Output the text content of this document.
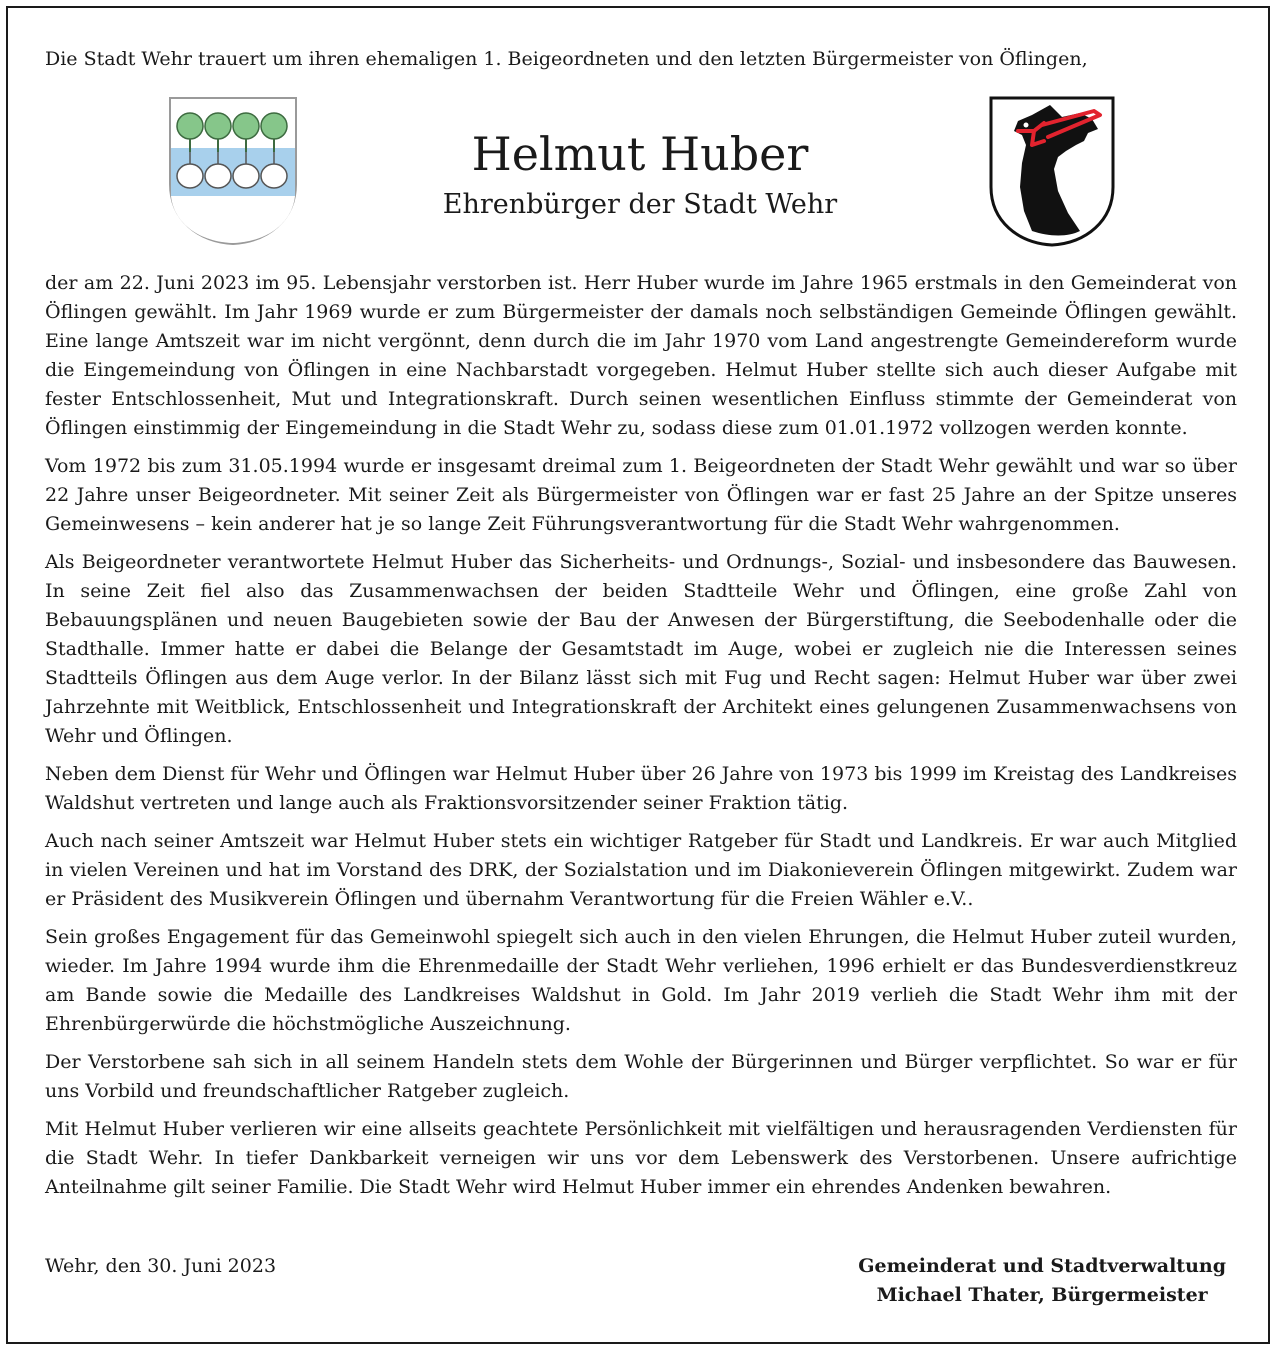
Die Stadt Wehr trauert um ihren ehemaligen 1. Beigeordneten und den letzten Bürgermeister von Öflingen,

Helmut Huber

Ehrenbürger der Stadt Wehr

der am 22. Juni 2023 im 95. Lebensjahr verstorben ist. Herr Huber wurde im Jahre 1965 erstmals in den Gemeinderat von Öflingen gewählt. Im Jahr 1969 wurde er zum Bürgermeister der damals noch selbständigen Gemeinde Öflingen gewählt. Eine lange Amtszeit war im nicht vergönnt, denn durch die im Jahr 1970 vom Land angestrengte Gemeindereform wurde die Eingemeindung von Öflingen in eine Nachbarstadt vorgegeben. Helmut Huber stellte sich auch dieser Aufgabe mit fester Entschlossenheit, Mut und Integrationskraft. Durch seinen wesentlichen Einfluss stimmte der Gemeinderat von Öflingen einstimmig der Eingemeindung in die Stadt Wehr zu, sodass diese zum 01.01.1972 vollzogen werden konnte.

Vom 1972 bis zum 31.05.1994 wurde er insgesamt dreimal zum 1. Beigeordneten der Stadt Wehr gewählt und war so über 22 Jahre unser Beigeordneter. Mit seiner Zeit als Bürgermeister von Öflingen war er fast 25 Jahre an der Spitze unseres Gemeinwesens – kein anderer hat je so lange Zeit Führungsverantwortung für die Stadt Wehr wahrgenommen.

Als Beigeordneter verantwortete Helmut Huber das Sicherheits- und Ordnungs-, Sozial- und insbesondere das Bauwesen. In seine Zeit fiel also das Zusammenwachsen der beiden Stadtteile Wehr und Öflingen, eine große Zahl von Bebauungsplänen und neuen Baugebieten sowie der Bau der Anwesen der Bürgerstiftung, die Seebodenhalle oder die Stadthalle. Immer hatte er dabei die Belange der Gesamtstadt im Auge, wobei er zugleich nie die Interessen seines Stadtteils Öflingen aus dem Auge verlor. In der Bilanz lässt sich mit Fug und Recht sagen: Helmut Huber war über zwei Jahrzehnte mit Weitblick, Entschlossenheit und Integrationskraft der Architekt eines gelungenen Zusammenwachsens von Wehr und Öflingen.

Neben dem Dienst für Wehr und Öflingen war Helmut Huber über 26 Jahre von 1973 bis 1999 im Kreistag des Landkreises Waldshut vertreten und lange auch als Fraktionsvorsitzender seiner Fraktion tätig.

Auch nach seiner Amtszeit war Helmut Huber stets ein wichtiger Ratgeber für Stadt und Landkreis. Er war auch Mitglied in vielen Vereinen und hat im Vorstand des DRK, der Sozialstation und im Diakonieverein Öflingen mitgewirkt. Zudem war er Präsident des Musikverein Öflingen und übernahm Verantwortung für die Freien Wähler e.V..

Sein großes Engagement für das Gemeinwohl spiegelt sich auch in den vielen Ehrungen, die Helmut Huber zuteil wurden, wieder. Im Jahre 1994 wurde ihm die Ehrenmedaille der Stadt Wehr verliehen, 1996 erhielt er das Bundesverdienstkreuz am Bande sowie die Medaille des Landkreises Waldshut in Gold. Im Jahr 2019 verlieh die Stadt Wehr ihm mit der Ehrenbürgerwürde die höchstmögliche Auszeichnung.

Der Verstorbene sah sich in all seinem Handeln stets dem Wohle der Bürgerinnen und Bürger verpflichtet. So war er für uns Vorbild und freundschaftlicher Ratgeber zugleich.

Mit Helmut Huber verlieren wir eine allseits geachtete Persönlichkeit mit vielfältigen und herausragenden Verdiensten für die Stadt Wehr. In tiefer Dankbarkeit verneigen wir uns vor dem Lebenswerk des Verstorbenen. Unsere aufrichtige Anteilnahme gilt seiner Familie. Die Stadt Wehr wird Helmut Huber immer ein ehrendes Andenken bewahren.

Wehr, den 30. Juni 2023	Gemeinderat und Stadtverwaltung
Michael Thater, Bürgermeister
